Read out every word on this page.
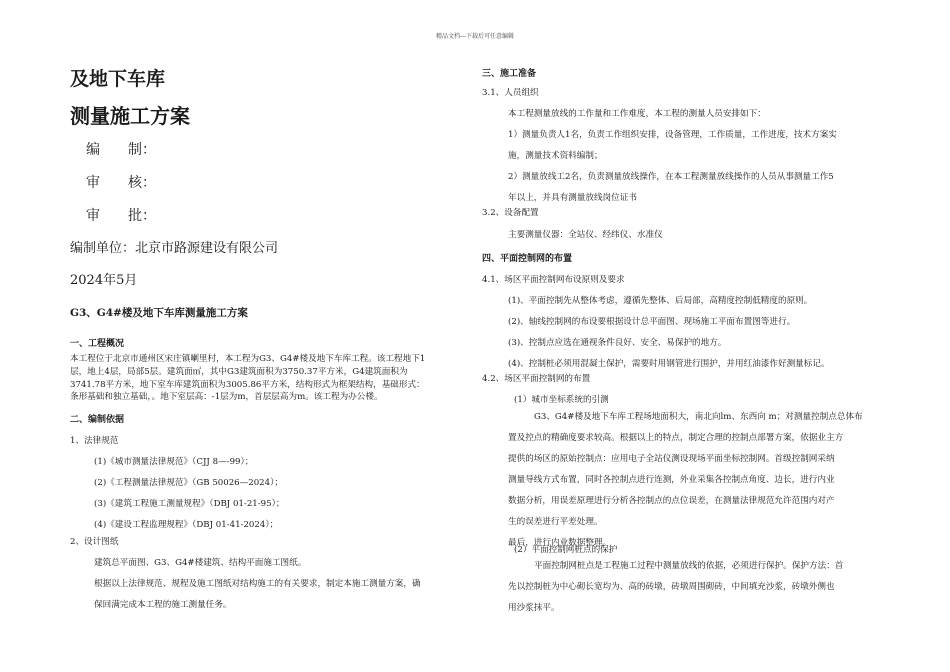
精品文档---下载后可任意编辑
及地下车库
测量施工方案
编　　制：
审　　核：
审　　批：
编制单位：北京市路源建设有限公司
2024年5月
G3、G4#楼及地下车库测量施工方案
一、工程概况
本工程位于北京市通州区宋庄镇喇里村，本工程为G3、G4#楼及地下车库工程。该工程地下1
层，地上4层，局部5层。建筑面㎡，其中G3建筑面积为3750.37平方米，G4建筑面积为
3741.78平方米，地下室车库建筑面积为3005.86平方米，结构形式为框架结构，基础形式：
条形基础和独立基础，。地下室层高：-1层为m，首层层高为m。该工程为办公楼。
二、编制依据
1、法律规范
(1)《城市测量法律规范》（CJJ 8—-99）；
(2)《工程测量法律规范》（GB 50026—2024）；
(3)《建筑工程施工测量规程》（DBJ 01-21-95）；
(4)《建设工程监理规程》（DBJ 01-41-2024）；
2、设计图纸
建筑总平面图、G3、G4#楼建筑、结构平面施工图纸。
根据以上法律规范、规程及施工图纸对结构施工的有关要求，制定本施工测量方案，确
保回满完成本工程的施工测量任务。
三、施工准备
3.1、人员组织
本工程测量放线的工作量和工作难度，本工程的测量人员安排如下：
1）测量负责人1名，负责工作组织安排，设备管理，工作质量，工作进度，技术方案实
施，测量技术资料编制；
2）测量放线工2名，负责测量放线操作，在本工程测量放线操作的人员从事测量工作5
年以上，并具有测量放线岗位证书
3.2、设备配置
主要测量仪器：全站仪、经纬仪、水准仪
四、平面控制网的布置
4.1、场区平面控制网布设原则及要求
(1)、平面控制先从整体考虑，遵循先整体、后局部，高精度控制低精度的原则。
(2)、轴线控制网的布设要根据设计总平面图、现场施工平面布置图等进行。
(3)、控制点应选在通视条件良好、安全、易保护的地方。
(4)、控制桩必须用混凝土保护，需要时用钢管进行围护，并用红油漆作好测量标记。
4.2、场区平面控制网的布置
(1）城市坐标系统的引测
G3、G4#楼及地下车库工程场地面积大，南北向lm、东西向 m；对测量控制点总体布
置及控点的精确度要求较高。根据以上的特点，制定合理的控制点部署方案，依据业主方
提供的场区的原始控制点：应用电子全站仪测设现场平面坐标控制网。首级控制网采纳
测量导线方式布置，同时各控制点进行连测，外业采集各控制点角度、边长，进行内业
数据分析，用误差原理进行分析各控制点的点位误差，在测量法律规范允许范围内对产
生的误差进行平差处理。
最后，进行内业数据整理。
(2）平面控制网桩点的保护
平面控制网桩点是工程施工过程中测量放线的依据，必须进行保护。保护方法：首
先以控制桩为中心砌长宽均为、高的砖墩，砖墩周围砌砖，中间填充沙浆，砖墩外侧也
用沙浆抹平。
